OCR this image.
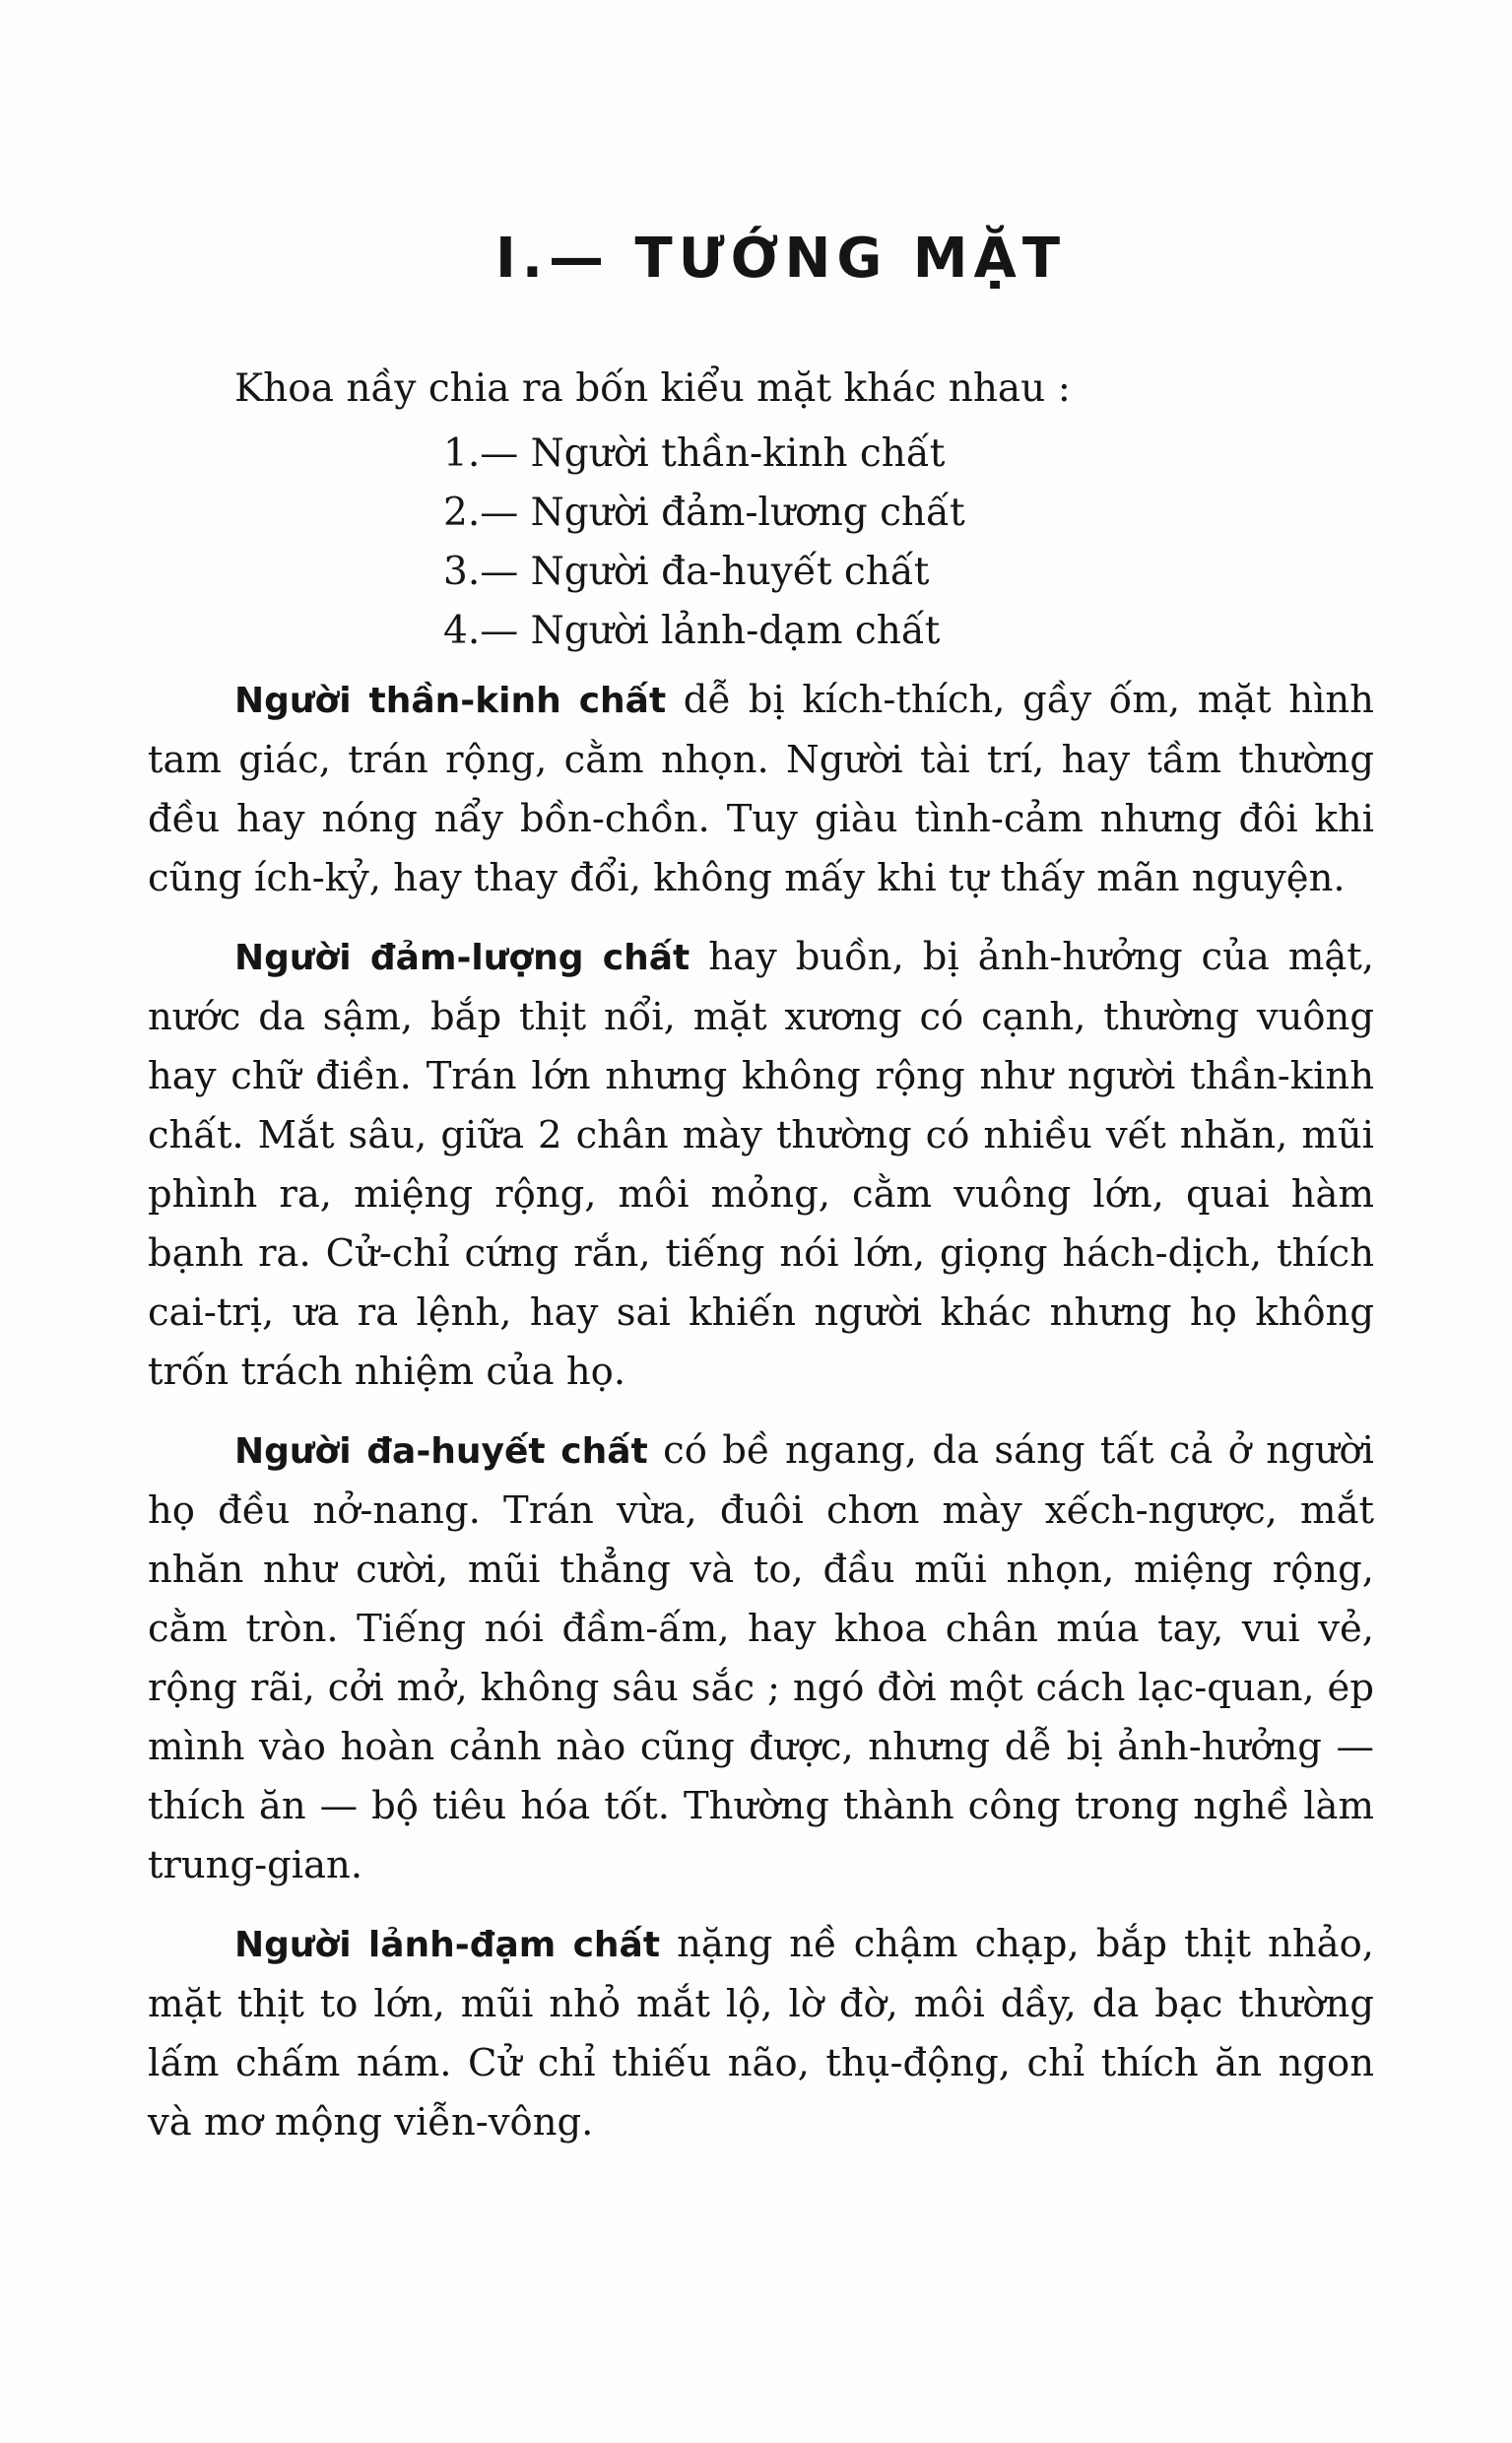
I.— TƯỚNG MẶT

Khoa nầy chia ra bốn kiểu mặt khác nhau :

1.— Người thần-kinh chất
2.— Người đảm-lương chất
3.— Người đa-huyết chất
4.— Người lảnh-dạm chất

Người thần-kinh chất dễ bị kích-thích, gầy ốm, mặt hình tam giác, trán rộng, cằm nhọn. Người tài trí, hay tầm thường đều hay nóng nẩy bồn-chồn. Tuy giàu tình-cảm nhưng đôi khi cũng ích-kỷ, hay thay đổi, không mấy khi tự thấy mãn nguyện.

Người đảm-lượng chất hay buồn, bị ảnh-hưởng của mật, nước da sậm, bắp thịt nổi, mặt xương có cạnh, thường vuông hay chữ điền. Trán lớn nhưng không rộng như người thần-kinh chất. Mắt sâu, giữa 2 chân mày thường có nhiều vết nhăn, mũi phình ra, miệng rộng, môi mỏng, cằm vuông lớn, quai hàm bạnh ra. Cử-chỉ cứng rắn, tiếng nói lớn, giọng hách-dịch, thích cai-trị, ưa ra lệnh, hay sai khiến người khác nhưng họ không trốn trách nhiệm của họ.

Người đa-huyết chất có bề ngang, da sáng tất cả ở người họ đều nở-nang. Trán vừa, đuôi chơn mày xếch-ngược, mắt nhăn như cười, mũi thẳng và to, đầu mũi nhọn, miệng rộng, cằm tròn. Tiếng nói đầm-ấm, hay khoa chân múa tay, vui vẻ, rộng rãi, cởi mở, không sâu sắc ; ngó đời một cách lạc-quan, ép mình vào hoàn cảnh nào cũng được, nhưng dễ bị ảnh-hưởng — thích ăn — bộ tiêu hóa tốt. Thường thành công trong nghề làm trung-gian.

Người lảnh-đạm chất nặng nề chậm chạp, bắp thịt nhảo, mặt thịt to lớn, mũi nhỏ mắt lộ, lờ đờ, môi dầy, da bạc thường lấm chấm nám. Cử chỉ thiếu não, thụ-động, chỉ thích ăn ngon và mơ mộng viễn-vông.
